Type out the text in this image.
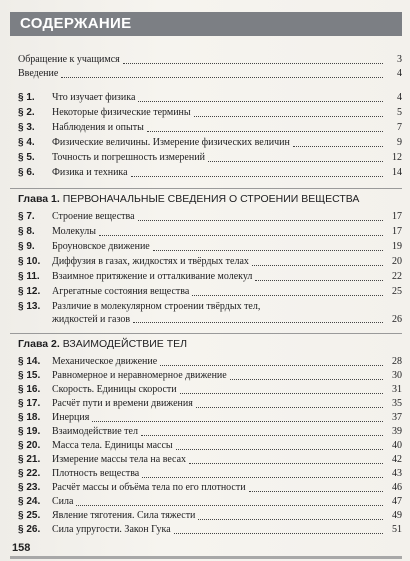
СОДЕРЖАНИЕ
Обращение к учащимся	3
Введение	4
§ 1.	Что изучает физика	4
§ 2.	Некоторые физические термины	5
§ 3.	Наблюдения и опыты	7
§ 4.	Физические величины. Измерение физических величин	9
§ 5.	Точность и погрешность измерений	12
§ 6.	Физика и техника	14
Глава 1. ПЕРВОНАЧАЛЬНЫЕ СВЕДЕНИЯ О СТРОЕНИИ ВЕЩЕСТВА
§ 7.	Строение вещества	17
§ 8.	Молекулы	17
§ 9.	Броуновское движение	19
§ 10.	Диффузия в газах, жидкостях и твёрдых телах	20
§ 11.	Взаимное притяжение и отталкивание молекул	22
§ 12.	Агрегатные состояния вещества	25
§ 13.	Различие в молекулярном строении твёрдых тел,
жидкостей и газов	26
Глава 2. ВЗАИМОДЕЙСТВИЕ ТЕЛ
§ 14.	Механическое движение	28
§ 15.	Равномерное и неравномерное движение	30
§ 16.	Скорость. Единицы скорости	31
§ 17.	Расчёт пути и времени движения	35
§ 18.	Инерция	37
§ 19.	Взаимодействие тел	39
§ 20.	Масса тела. Единицы массы	40
§ 21.	Измерение массы тела на весах	42
§ 22.	Плотность вещества	43
§ 23.	Расчёт массы и объёма тела по его плотности	46
§ 24.	Сила	47
§ 25.	Явление тяготения. Сила тяжести	49
§ 26.	Сила упругости. Закон Гука	51
158
